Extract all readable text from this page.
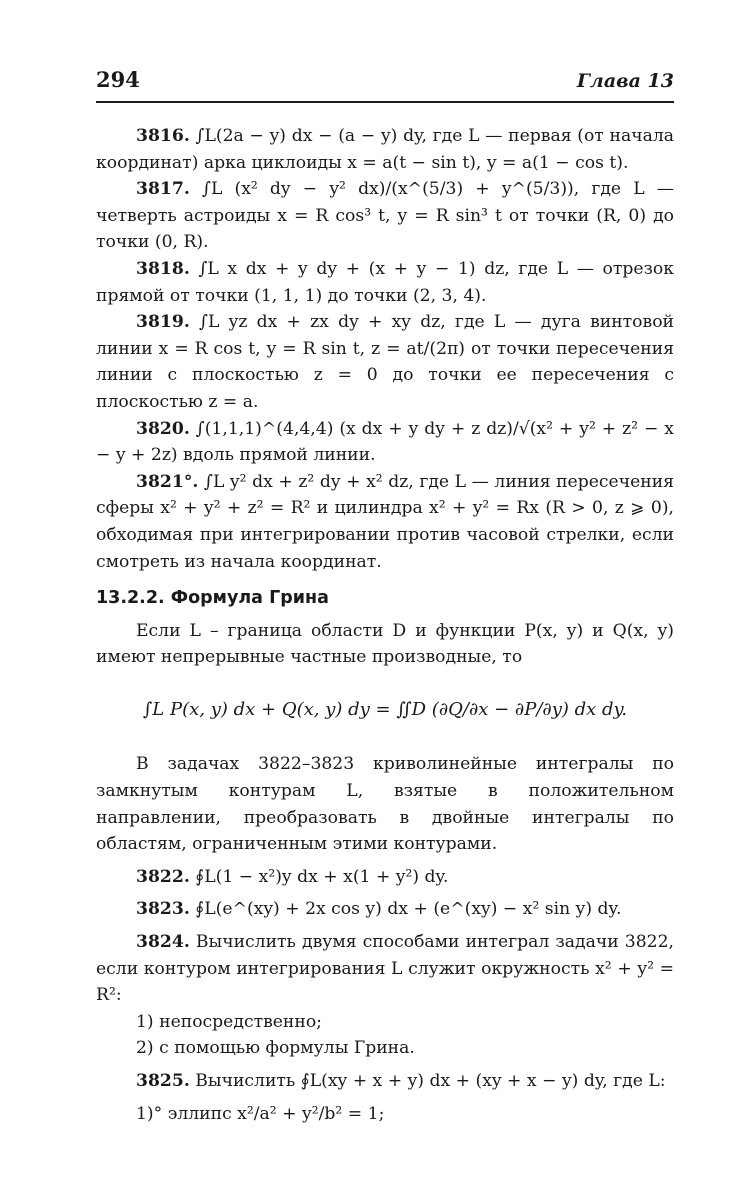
294	Глава 13
3816. ∫L(2a − y) dx − (a − y) dy, где L — первая (от начала координат) арка циклоиды x = a(t − sin t), y = a(1 − cos t).
3817. ∫L (x² dy − y² dx)/(x^(5/3) + y^(5/3)), где L — четверть астроиды x = R cos³ t, y = R sin³ t от точки (R, 0) до точки (0, R).
3818. ∫L x dx + y dy + (x + y − 1) dz, где L — отрезок прямой от точки (1, 1, 1) до точки (2, 3, 4).
3819. ∫L yz dx + zx dy + xy dz, где L — дуга винтовой линии x = R cos t, y = R sin t, z = at/(2π) от точки пересечения линии с плоскостью z = 0 до точки ее пересечения с плоскостью z = a.
3820. ∫(1,1,1)^(4,4,4) (x dx + y dy + z dz)/√(x² + y² + z² − x − y + 2z) вдоль прямой линии.
3821°. ∫L y² dx + z² dy + x² dz, где L — линия пересечения сферы x² + y² + z² = R² и цилиндра x² + y² = Rx (R > 0, z ⩾ 0), обходимая при интегрировании против часовой стрелки, если смотреть из начала координат.
13.2.2. Формула Грина
Если L – граница области D и функции P(x, y) и Q(x, y) имеют непрерывные частные производные, то
∫L P(x, y) dx + Q(x, y) dy = ∬D (∂Q/∂x − ∂P/∂y) dx dy.
В задачах 3822–3823 криволинейные интегралы по замкнутым контурам L, взятые в положительном направлении, преобразовать в двойные интегралы по областям, ограниченным этими контурами.
3822. ∮L(1 − x²)y dx + x(1 + y²) dy.
3823. ∮L(e^(xy) + 2x cos y) dx + (e^(xy) − x² sin y) dy.
3824. Вычислить двумя способами интеграл задачи 3822, если контуром интегрирования L служит окружность x² + y² = R²:
1) непосредственно;
2) с помощью формулы Грина.
3825. Вычислить ∮L(xy + x + y) dx + (xy + x − y) dy, где L:
1)° эллипс x²/a² + y²/b² = 1;
